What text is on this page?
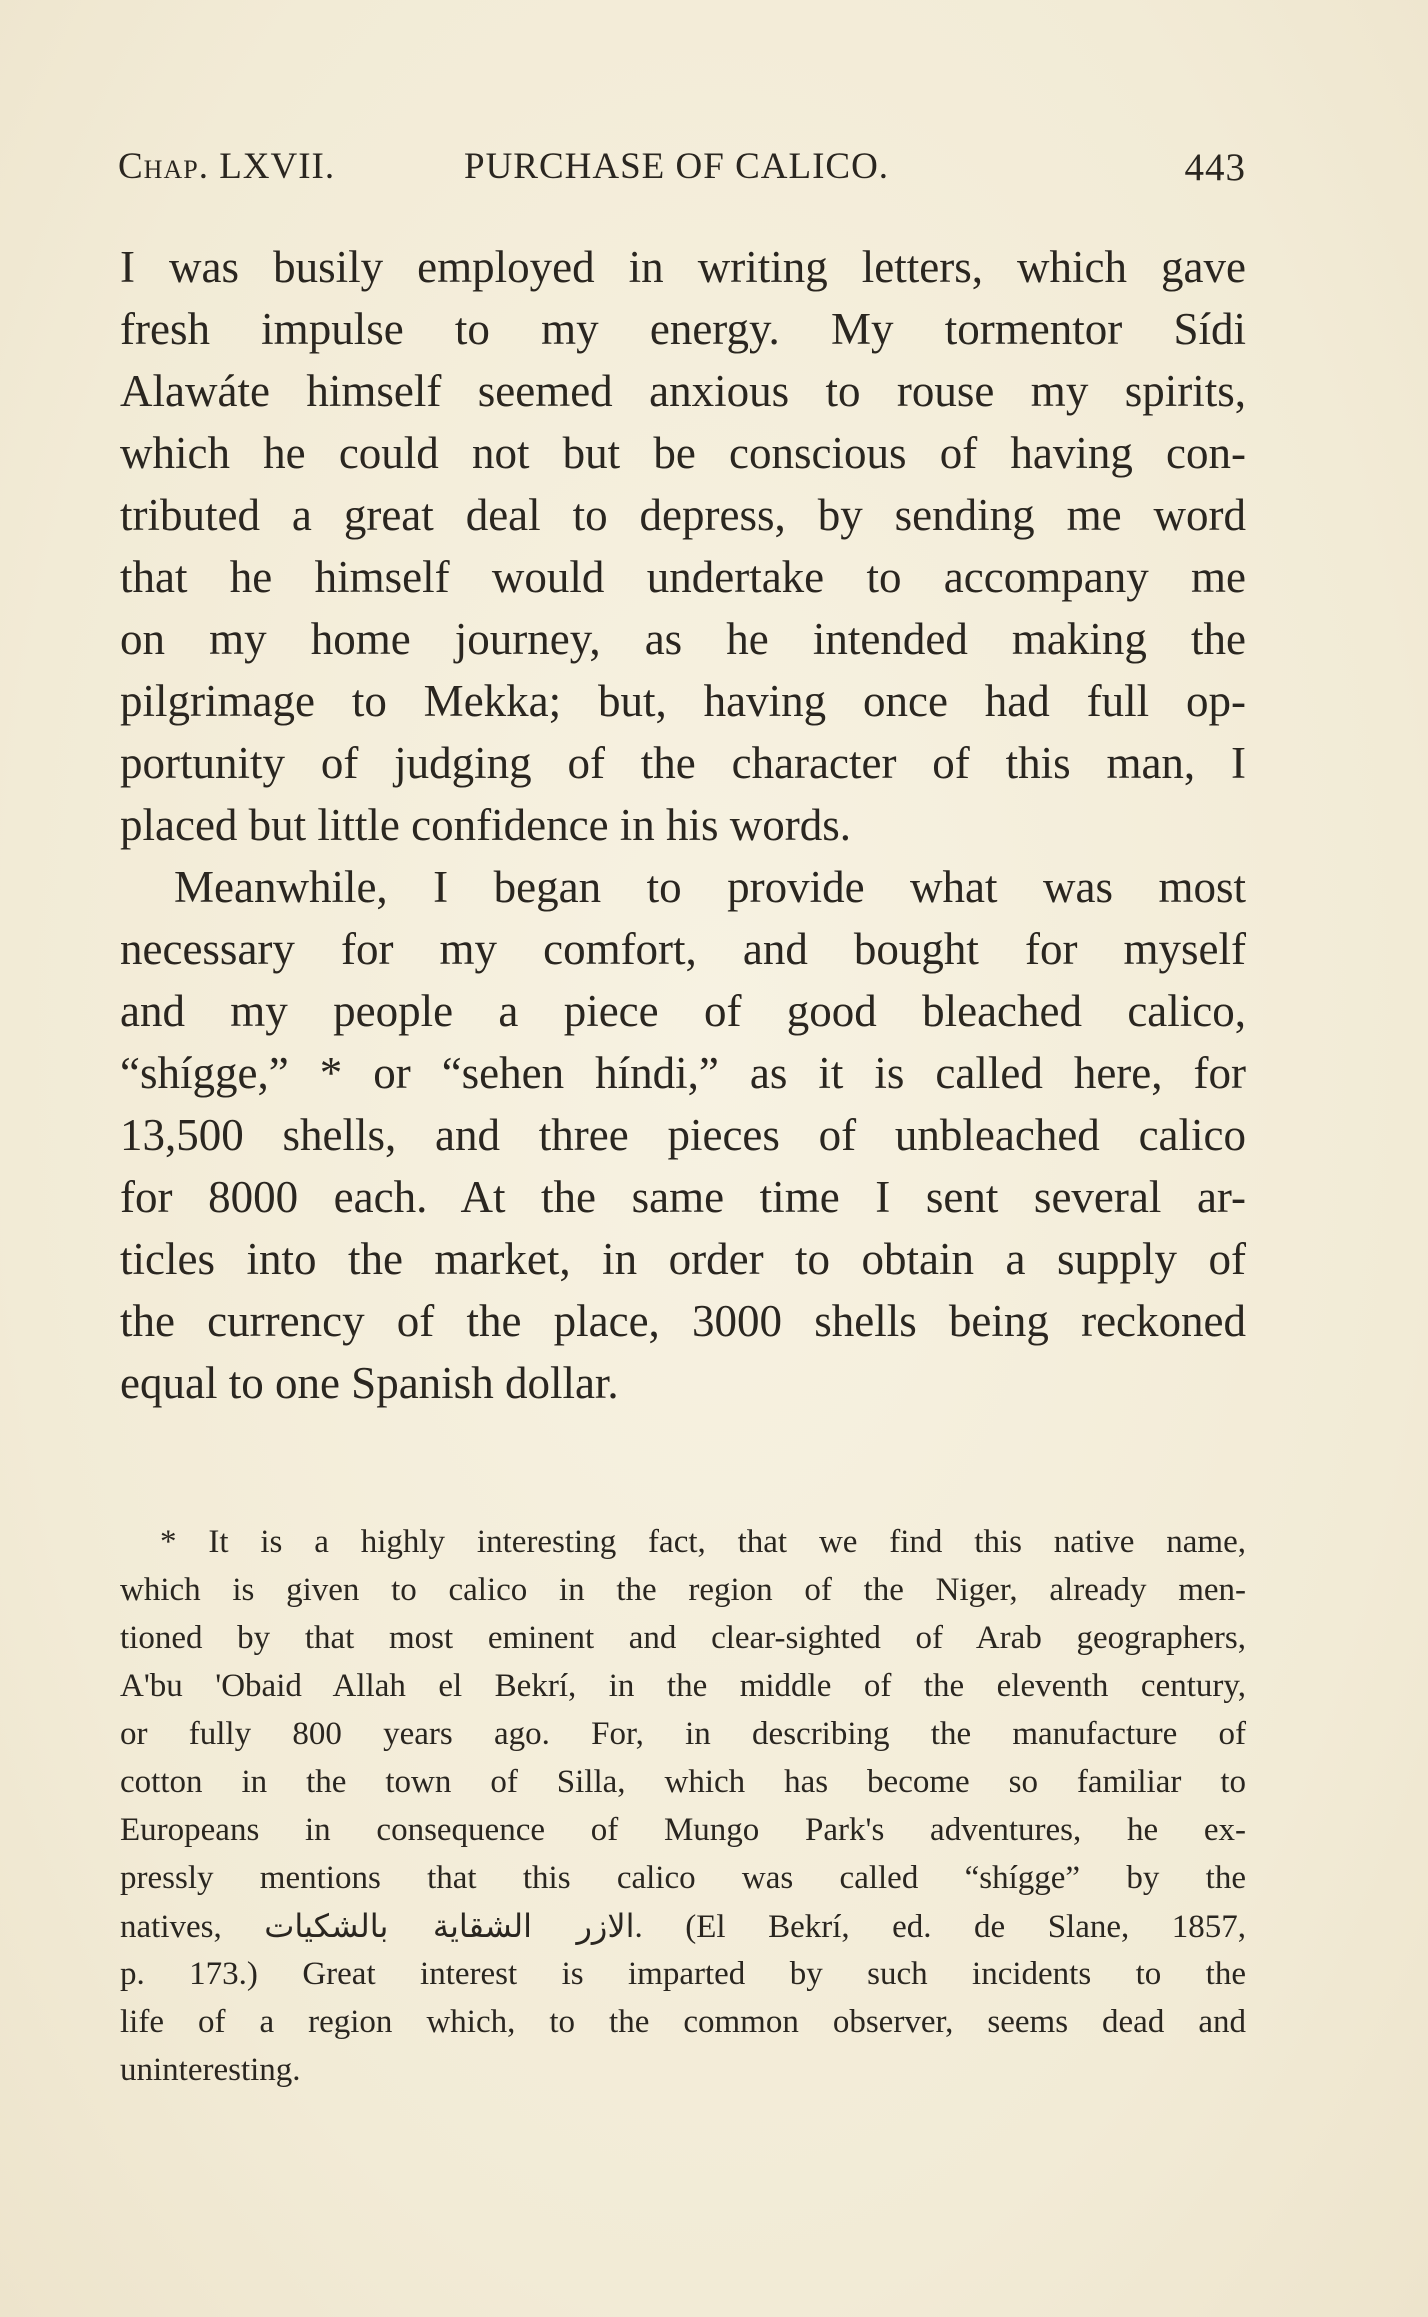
Chap. LXVII.	PURCHASE OF CALICO.	443

I was busily employed in writing letters, which gave
fresh impulse to my energy. My tormentor Sídi
Alawáte himself seemed anxious to rouse my spirits,
which he could not but be conscious of having con-
tributed a great deal to depress, by sending me word
that he himself would undertake to accompany me
on my home journey, as he intended making the
pilgrimage to Mekka; but, having once had full op-
portunity of judging of the character of this man, I
placed but little confidence in his words.

Meanwhile, I began to provide what was most
necessary for my comfort, and bought for myself
and my people a piece of good bleached calico,
“shígge,” * or “sehen híndi,” as it is called here, for
13,500 shells, and three pieces of unbleached calico
for 8000 each. At the same time I sent several ar-
ticles into the market, in order to obtain a supply of
the currency of the place, 3000 shells being reckoned
equal to one Spanish dollar.

* It is a highly interesting fact, that we find this native name,
which is given to calico in the region of the Niger, already men-
tioned by that most eminent and clear-sighted of Arab geographers,
A'bu 'Obaid Allah el Bekrí, in the middle of the eleventh century,
or fully 800 years ago. For, in describing the manufacture of
cotton in the town of Silla, which has become so familiar to
Europeans in consequence of Mungo Park's adventures, he ex-
pressly mentions that this calico was called “shígge” by the
natives, الازر الشقاية بالشكيات. (El Bekrí, ed. de Slane, 1857,
p. 173.) Great interest is imparted by such incidents to the
life of a region which, to the common observer, seems dead and
uninteresting.
